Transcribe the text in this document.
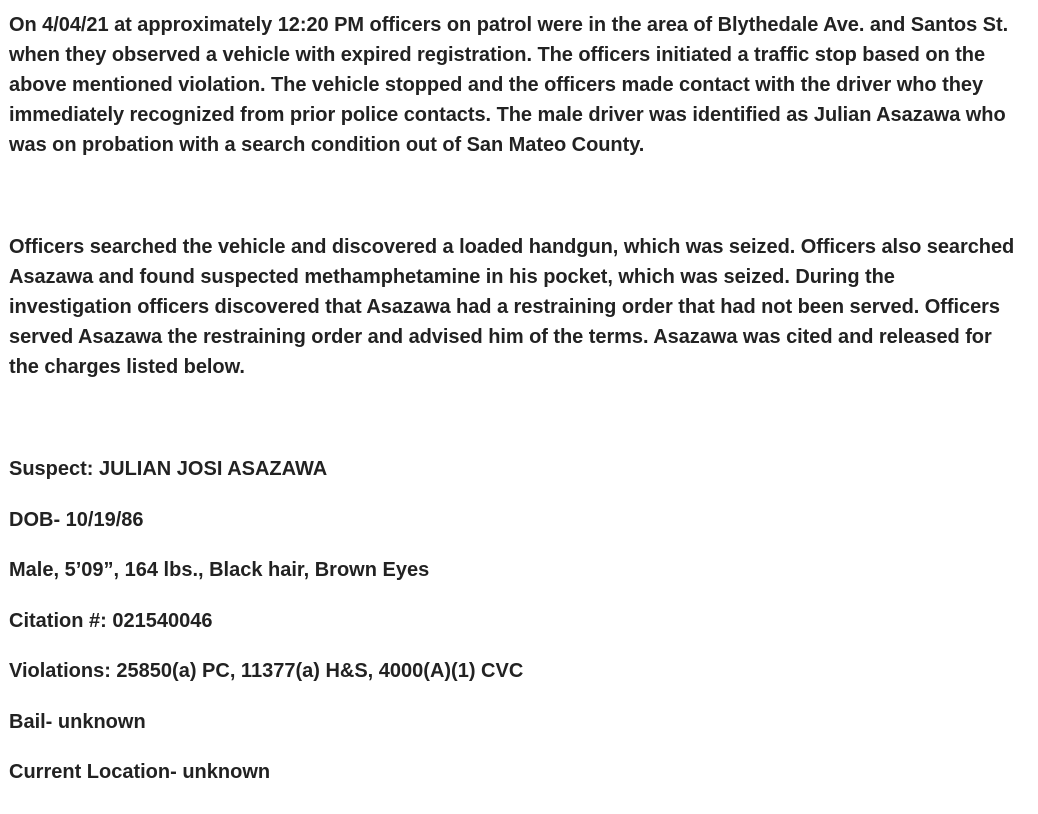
On 4/04/21 at approximately 12:20 PM officers on patrol were in the area of Blythedale Ave. and Santos St. when they observed a vehicle with expired registration. The officers initiated a traffic stop based on the above mentioned violation. The vehicle stopped and the officers made contact with the driver who they immediately recognized from prior police contacts. The male driver was identified as Julian Asazawa who was on probation with a search condition out of San Mateo County.

Officers searched the vehicle and discovered a loaded handgun, which was seized. Officers also searched Asazawa and found suspected methamphetamine in his pocket, which was seized. During the investigation officers discovered that Asazawa had a restraining order that had not been served. Officers served Asazawa the restraining order and advised him of the terms. Asazawa was cited and released for the charges listed below.

Suspect: JULIAN JOSI ASAZAWA

DOB- 10/19/86

Male, 5’09”, 164 lbs., Black hair, Brown Eyes

Citation #: 021540046

Violations: 25850(a) PC, 11377(a) H&S, 4000(A)(1) CVC

Bail- unknown

Current Location- unknown
